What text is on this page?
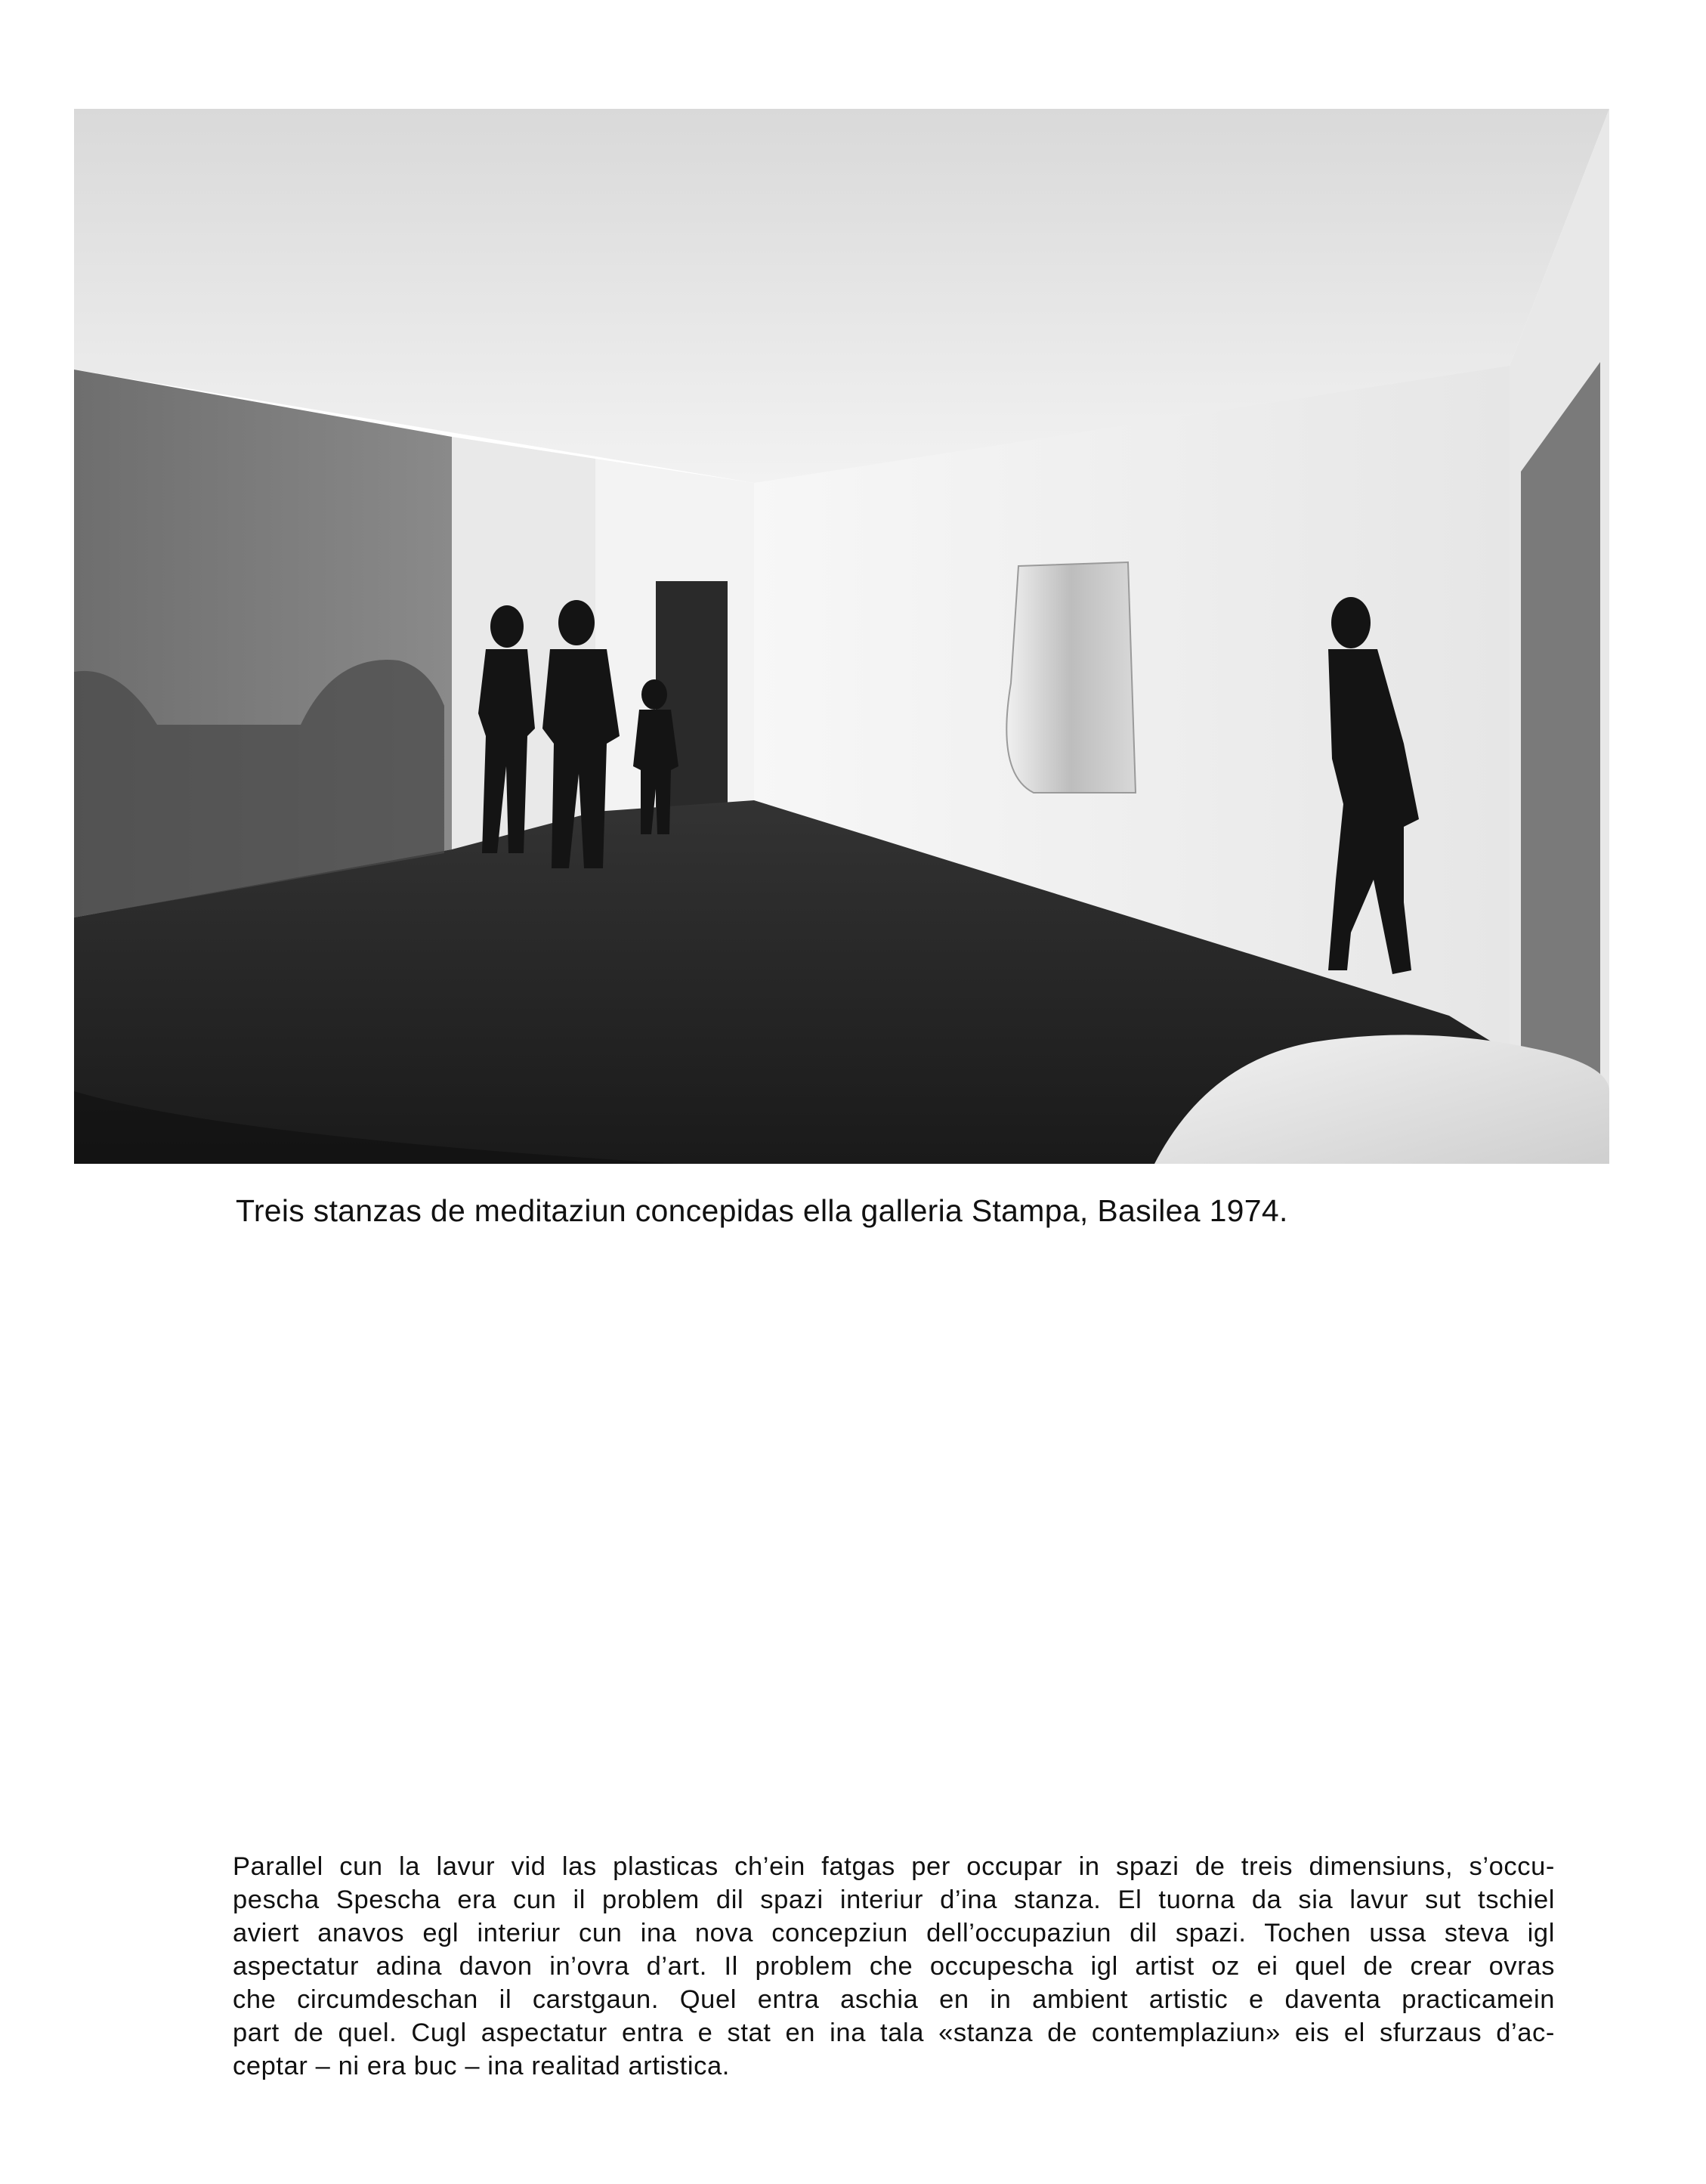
Treis stanzas de meditaziun concepidas ella galleria Stampa, Basilea 1974.

Parallel cun la lavur vid las plasticas ch’ein fatgas per occupar in spazi de treis dimensiuns, s’occu-
pescha Spescha era cun il problem dil spazi interiur d’ina stanza. El tuorna da sia lavur sut tschiel
aviert anavos egl interiur cun ina nova concepziun dell’occupaziun dil spazi. Tochen ussa steva igl
aspectatur adina davon in’ovra d’art. Il problem che occupescha igl artist oz ei quel de crear ovras
che circumdeschan il carstgaun. Quel entra aschia en in ambient artistic e daventa practicamein
part de quel. Cugl aspectatur entra e stat en ina tala «stanza de contemplaziun» eis el sfurzaus d’ac-
ceptar – ni era buc – ina realitad artistica.
